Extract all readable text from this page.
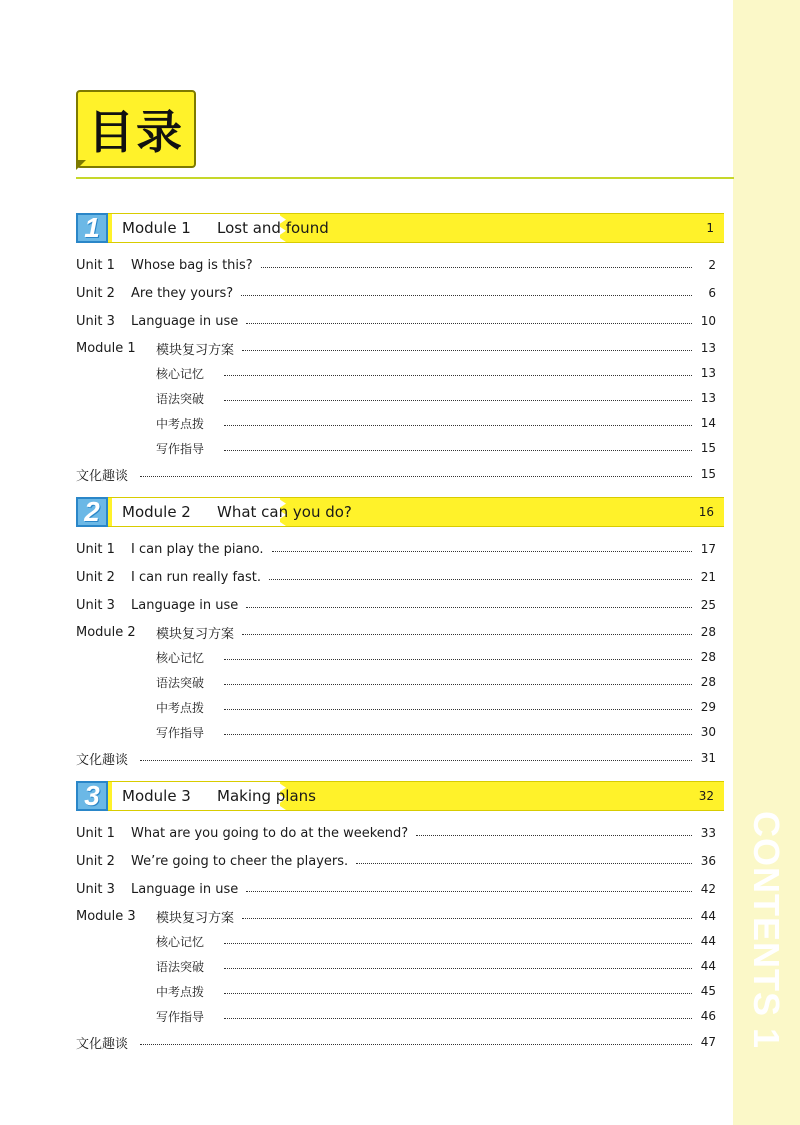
CONTENTS 1
目录
1	Module 1 Lost and found	1
Unit 1	Whose bag is this?	2
Unit 2	Are they yours?	6
Unit 3	Language in use	10
Module 1	模块复习方案	13
核心记忆	13
语法突破	13
中考点拨	14
写作指导	15
文化趣谈	15
2	Module 2 What can you do?	16
Unit 1	I can play the piano.	17
Unit 2	I can run really fast.	21
Unit 3	Language in use	25
Module 2	模块复习方案	28
核心记忆	28
语法突破	28
中考点拨	29
写作指导	30
文化趣谈	31
3	Module 3 Making plans	32
Unit 1	What are you going to do at the weekend?	33
Unit 2	We’re going to cheer the players.	36
Unit 3	Language in use	42
Module 3	模块复习方案	44
核心记忆	44
语法突破	44
中考点拨	45
写作指导	46
文化趣谈	47
